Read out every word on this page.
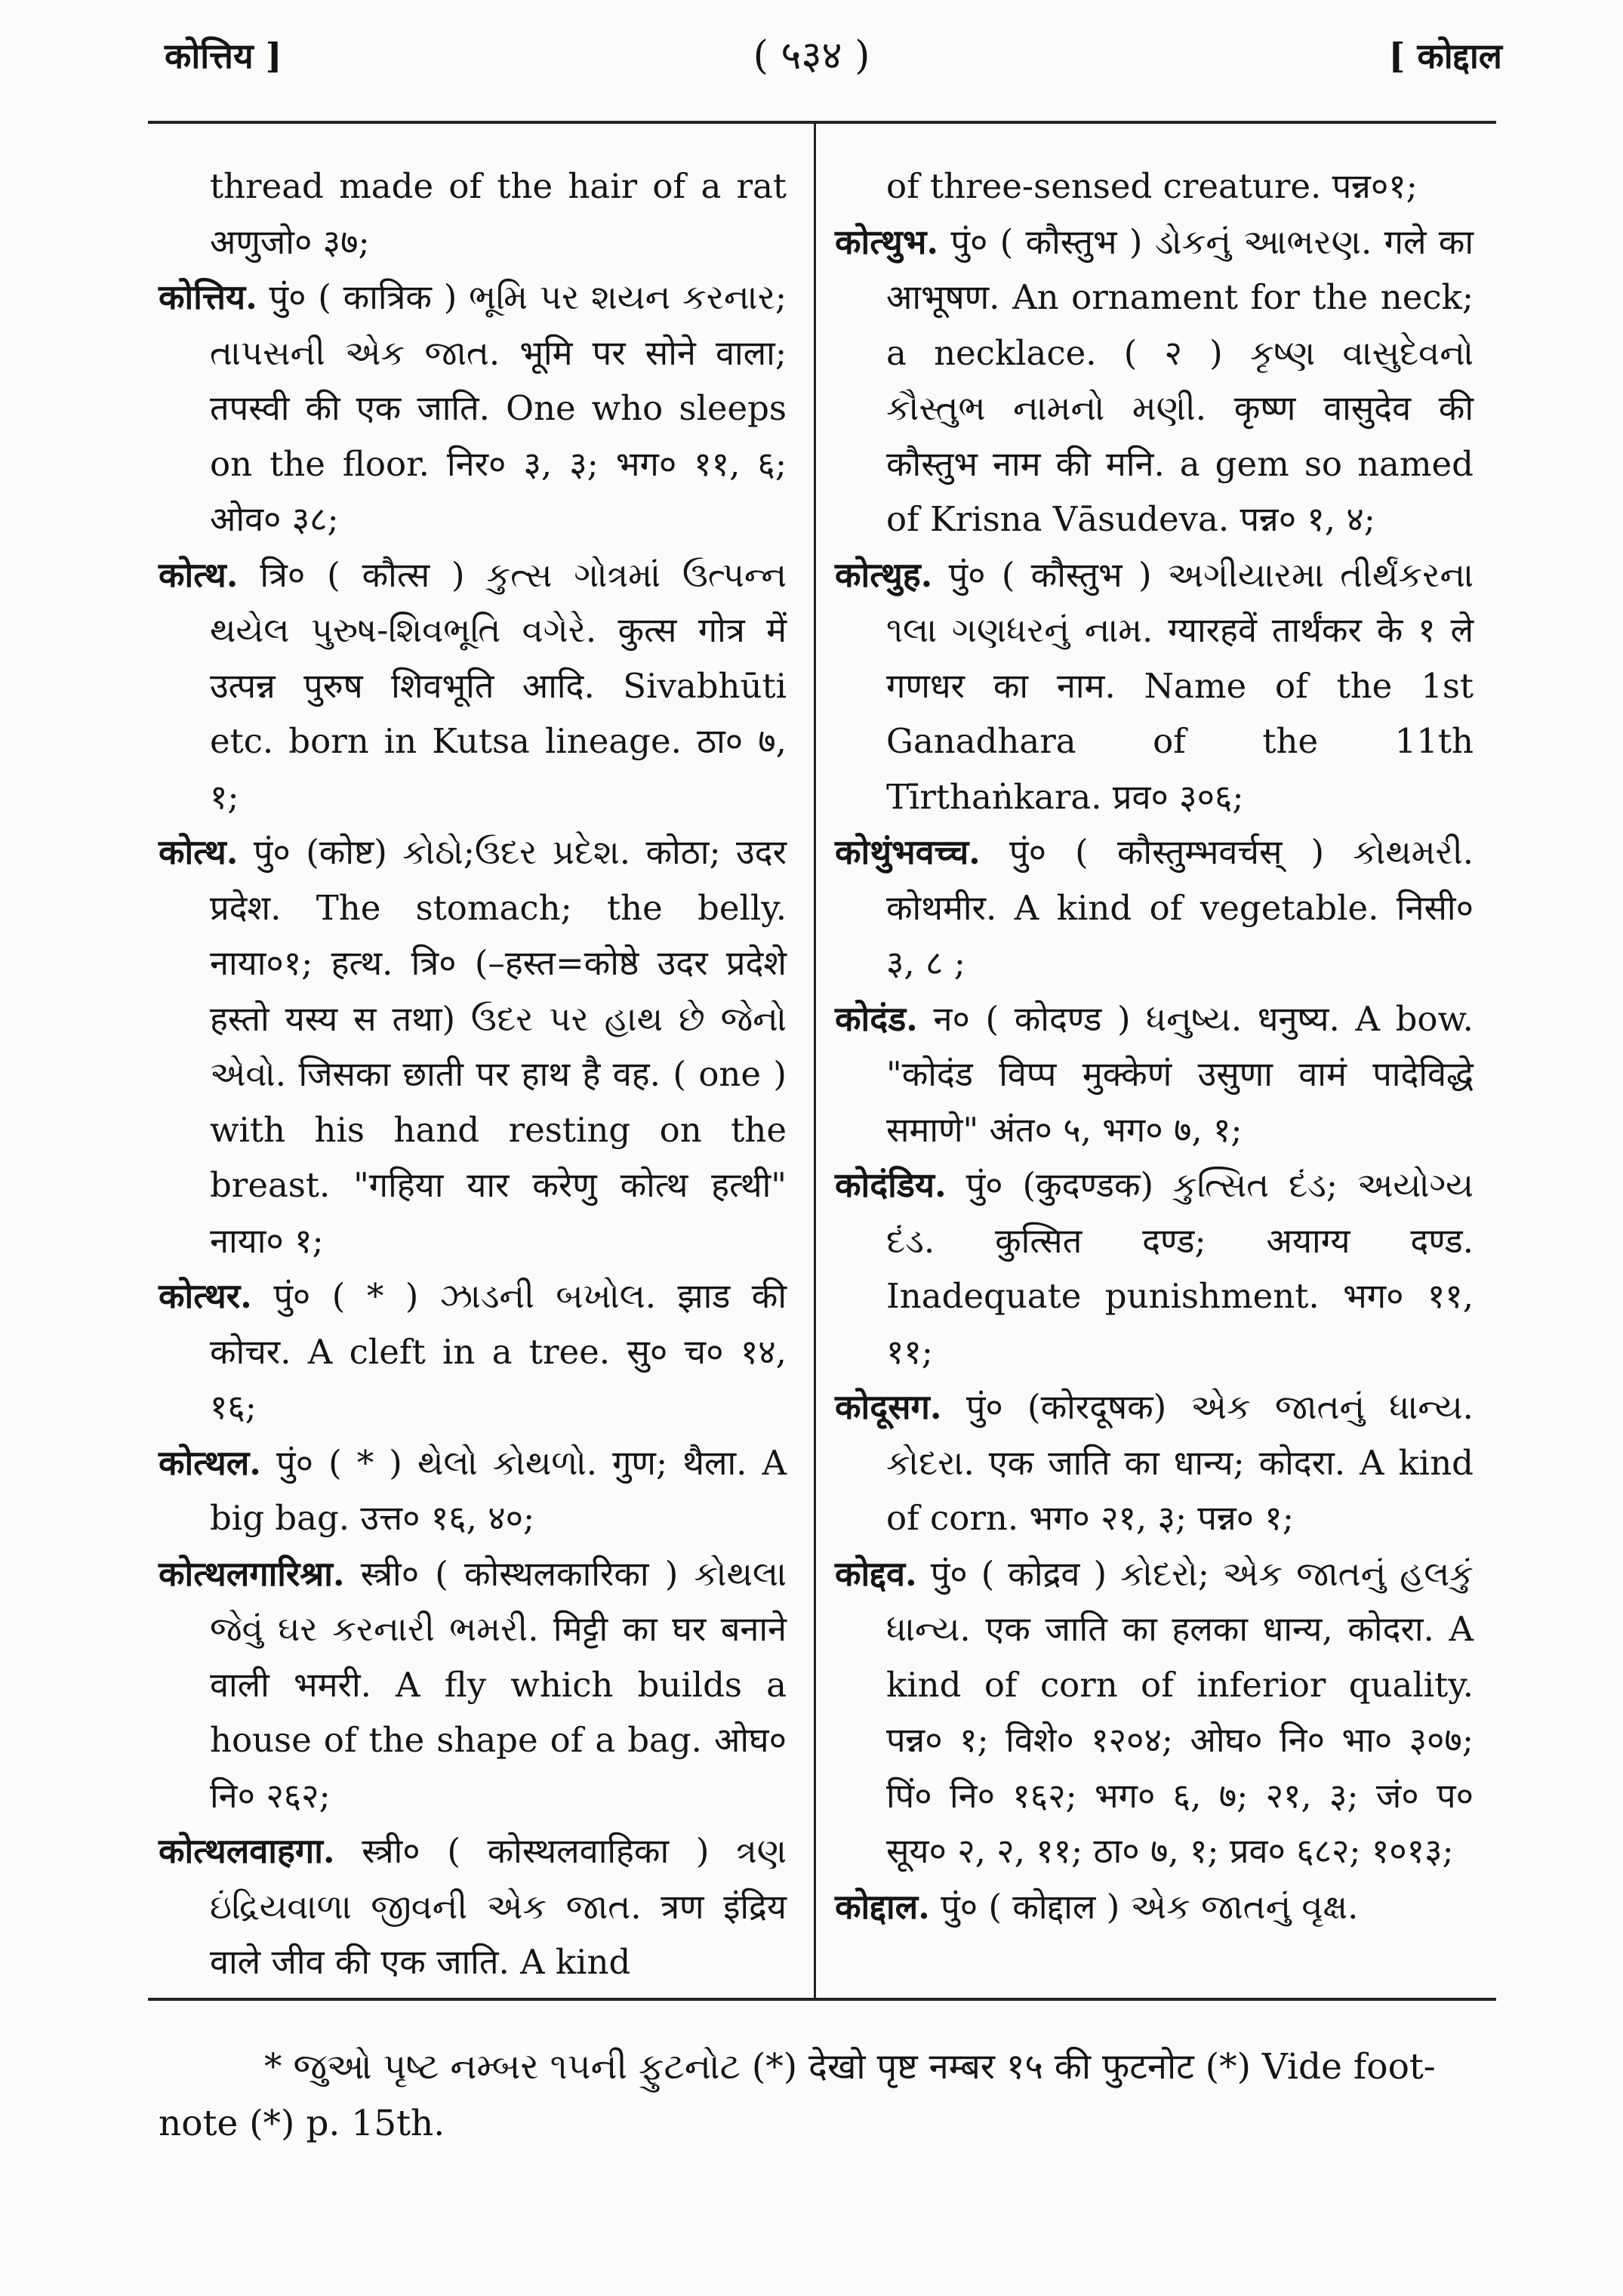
कोत्तिय ]	( ५३४ )	[ कोद्दाल

thread made of the hair of a rat अणुजो० ३७;

कोत्तिय. पुं० ( कात्रिक ) ભૂમિ પર શયન કરનાર; તાપસની એક જાત. भूमि पर सोने वाला; तपस्वी की एक जाति. One who sleeps on the floor. निर० ३, ३; भग० ११, ६; ओव० ३८;

कोत्थ. त्रि० ( कौत्स ) કુત્સ ગોત્રમાં ઉત્પન્ન થયેલ પુરુષ-શિવભૂતિ વગેરે. कुत्स गोत्र में उत्पन्न पुरुष शिवभूति आदि. Sivabhūti etc. born in Kutsa lineage. ठा० ७, १;

कोत्थ. पुं० (कोष्ट) કોઠો;ઉદર પ્રદેશ. कोठा; उदर प्रदेश. The stomach; the belly. नाया०१; हत्थ. त्रि० (–हस्त=कोष्ठे उदर प्रदेशे हस्तो यस्य स तथा) ઉદર પર હાથ છે જેનો એવો. जिसका छाती पर हाथ है वह. ( one ) with his hand resting on the breast. "गहिया यार करेणु कोत्थ हत्थी" नाया० १;

कोत्थर. पुं० ( * ) ઝાડની બખોલ. झाड की कोचर. A cleft in a tree. सु० च० १४, १६;

कोत्थल. पुं० ( * ) થેલો કોથળો. गुण; थैला. A big bag. उत्त० १६, ४०;

कोत्थलगारिश्रा. स्त्री० ( कोस्थलकारिका ) કોથલા જેવું ઘર કરનારી ભમરી. मिट्टी का घर बनाने वाली भमरी. A fly which builds a house of the shape of a bag. ओघ० नि० २६२;

कोत्थलवाहगा. स्त्री० ( कोस्थलवाहिका ) ત્રણ ઇંદ્રિયવાળા જીવની એક જાત. त्रण इंद्रिय वाले जीव की एक जाति. A kind

of three-sensed creature. पन्न०१;

कोत्थुभ. पुं० ( कौस्तुभ ) ડોકનું આભરણ. गले का आभूषण. An ornament for the neck; a necklace. ( २ ) કૃષ્ણ વાસુદેવનો કૌસ્તુભ નામનો મણી. कृष्ण वासुदेव की कौस्तुभ नाम की मनि. a gem so named of Krisna Vāsudeva. पन्न० १, ४;

कोत्थुह. पुं० ( कौस्तुभ ) અગીયારમા તીર્થંકરના ૧લા ગણધરનું નામ. ग्यारहवें तार्थंकर के १ ले गणधर का नाम. Name of the 1st Ganadhara of the 11th Tīrthaṅkara. प्रव० ३०६;

कोथुंभवच्च. पुं० ( कौस्तुम्भवर्चस् ) કોથમરી. कोथमीर. A kind of vegetable. निसी० ३, ८ ;

कोदंड. न० ( कोदण्ड ) ધનુષ્ય. धनुष्य. A bow. "कोदंड विप्प मुक्केणं उसुणा वामं पादेविद्धे समाणे" अंत० ५, भग० ७, १;

कोदंडिय. पुं० (कुदण्डक) કુત્સિત દંડ; અયોગ્ય દંડ. कुत्सित दण्ड; अयाग्य दण्ड. Inadequate punishment. भग० ११, ११;

कोदूसग. पुं० (कोरदूषक) એક જાતનું ધાન્ય. કોદરા. एक जाति का धान्य; कोदरा. A kind of corn. भग० २१, ३; पन्न० १;

कोद्दव. पुं० ( कोद्रव ) કોદરો; એક જાતનું હલકું ધાન્ય. एक जाति का हलका धान्य, कोदरा. A kind of corn of inferior quality. पन्न० १; विशे० १२०४; ओघ० नि० भा० ३०७; पिं० नि० १६२; भग० ६, ७; २१, ३; जं० प० सूय० २, २, ११; ठा० ७, १; प्रव० ६८२; १०१३;

कोद्दाल. पुं० ( कोद्दाल ) એક જાતનું વૃક્ષ.

* જુઓ પૃષ્ટ નમ્બર ૧૫ની ફુટનોટ (*) देखो पृष्ट नम्बर १५ की फुटनोट (*) Vide foot-note (*) p. 15th.
